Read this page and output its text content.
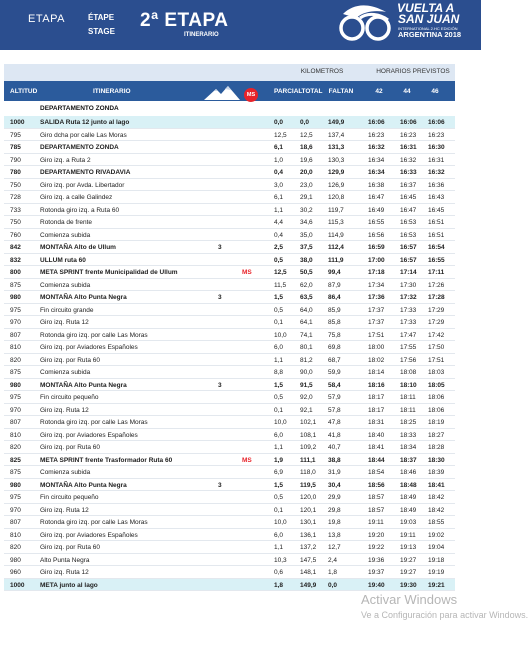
ETAPA	ÉTAPE
STAGE
2ª ETAPA
ITINERARIO
VUELTA A
SAN JUAN
INTERNATIONAL 2.HC EDICIÓN
ARGENTINA 2018
KILOMETROS	HORARIOS PREVISTOS
ALTITUD	ITINERARIO	MS	PARCIAL TOTAL FALTAN	42	44	46
DEPARTAMENTO ZONDA
1000 SALIDA Ruta 12 junto al lago	0,0	0,0	149,9	16:06 16:06 16:06
795	Giro dcha por calle Las Moras	12,5 12,5 137,4	16:23 16:23 16:23
785	DEPARTAMENTO ZONDA	6,1	18,6 131,3	16:32 16:31 16:30
790	Giro izq. a Ruta 2	1,0	19,6 130,3	16:34 16:32 16:31
780	DEPARTAMENTO RIVADAVIA	0,4	20,0 129,9	16:34 16:33 16:32
750	Giro izq. por Avda. Libertador	3,0	23,0 126,9	16:38 16:37 16:36
728	Giro izq. a calle Galindez	6,1	29,1 120,8	16:47 16:45 16:43
733	Rotonda giro izq. a Ruta 60	1,1	30,2 119,7	16:49 16:47 16:45
750	Rotonda de frente	4,4	34,6 115,3	16:55 16:53 16:51
760	Comienza subida	0,4	35,0 114,9	16:56 16:53 16:51
842	MONTAÑA Alto de Ullum	3	2,5	37,5 112,4	16:59 16:57 16:54
832	ULLUM ruta 60	0,5	38,0 111,9	17:00 16:57 16:55
800	META SPRINT frente Municipalidad de Ullum	MS	12,5 50,5 99,4	17:18 17:14 17:11
875	Comienza subida	11,5 62,0 87,9	17:34 17:30 17:26
980	MONTAÑA Alto Punta Negra	3	1,5	63,5 86,4	17:36 17:32 17:28
975	Fin circuito grande	0,5	64,0 85,9	17:37 17:33 17:29
970	Giro izq. Ruta 12	0,1	64,1 85,8	17:37 17:33 17:29
807	Rotonda giro izq. por calle Las Moras	10,0 74,1 75,8	17:51 17:47 17:42
810	Giro izq. por Aviadores Españoles	6,0	80,1 69,8	18:00 17:55 17:50
820	Giro izq. por Ruta 60	1,1	81,2 68,7	18:02 17:56 17:51
875	Comienza subida	8,8	90,0 59,9	18:14 18:08 18:03
980	MONTAÑA Alto Punta Negra	3	1,5	91,5 58,4	18:16 18:10 18:05
975	Fin circuito pequeño	0,5	92,0 57,9	18:17 18:11 18:06
970	Giro izq. Ruta 12	0,1	92,1 57,8	18:17 18:11 18:06
807	Rotonda giro izq. por calle Las Moras	10,0 102,1 47,8	18:31 18:25 18:19
810	Giro izq. por Aviadores Españoles	6,0	108,1 41,8	18:40 18:33 18:27
820	Giro izq. por Ruta 60	1,1	109,2 40,7	18:41 18:34 18:28
825	META SPRINT frente Trasformador Ruta 60	MS	1,9	111,1 38,8	18:44 18:37 18:30
875	Comienza subida	6,9	118,0 31,9	18:54 18:46 18:39
980	MONTAÑA Alto Punta Negra	3	1,5	119,5 30,4	18:56 18:48 18:41
975	Fin circuito pequeño	0,5	120,0 29,9	18:57 18:49 18:42
970	Giro izq. Ruta 12	0,1	120,1 29,8	18:57 18:49 18:42
807	Rotonda giro izq. por calle Las Moras	10,0 130,1 19,8	19:11 19:03 18:55
810	Giro izq. por Aviadores Españoles	6,0	136,1 13,8	19:20 19:11 19:02
820	Giro izq. por Ruta 60	1,1	137,2 12,7	19:22 19:13 19:04
980	Alto Punta Negra	10,3 147,5 2,4	19:36 19:27 19:18
960	Giro izq. Ruta 12	0,6	148,1 1,8	19:37 19:27 19:19
1000 META junto al lago	1,8	149,9 0,0	19:40 19:30 19:21
Activar Windows
Ve a Configuración para activar Windows.
